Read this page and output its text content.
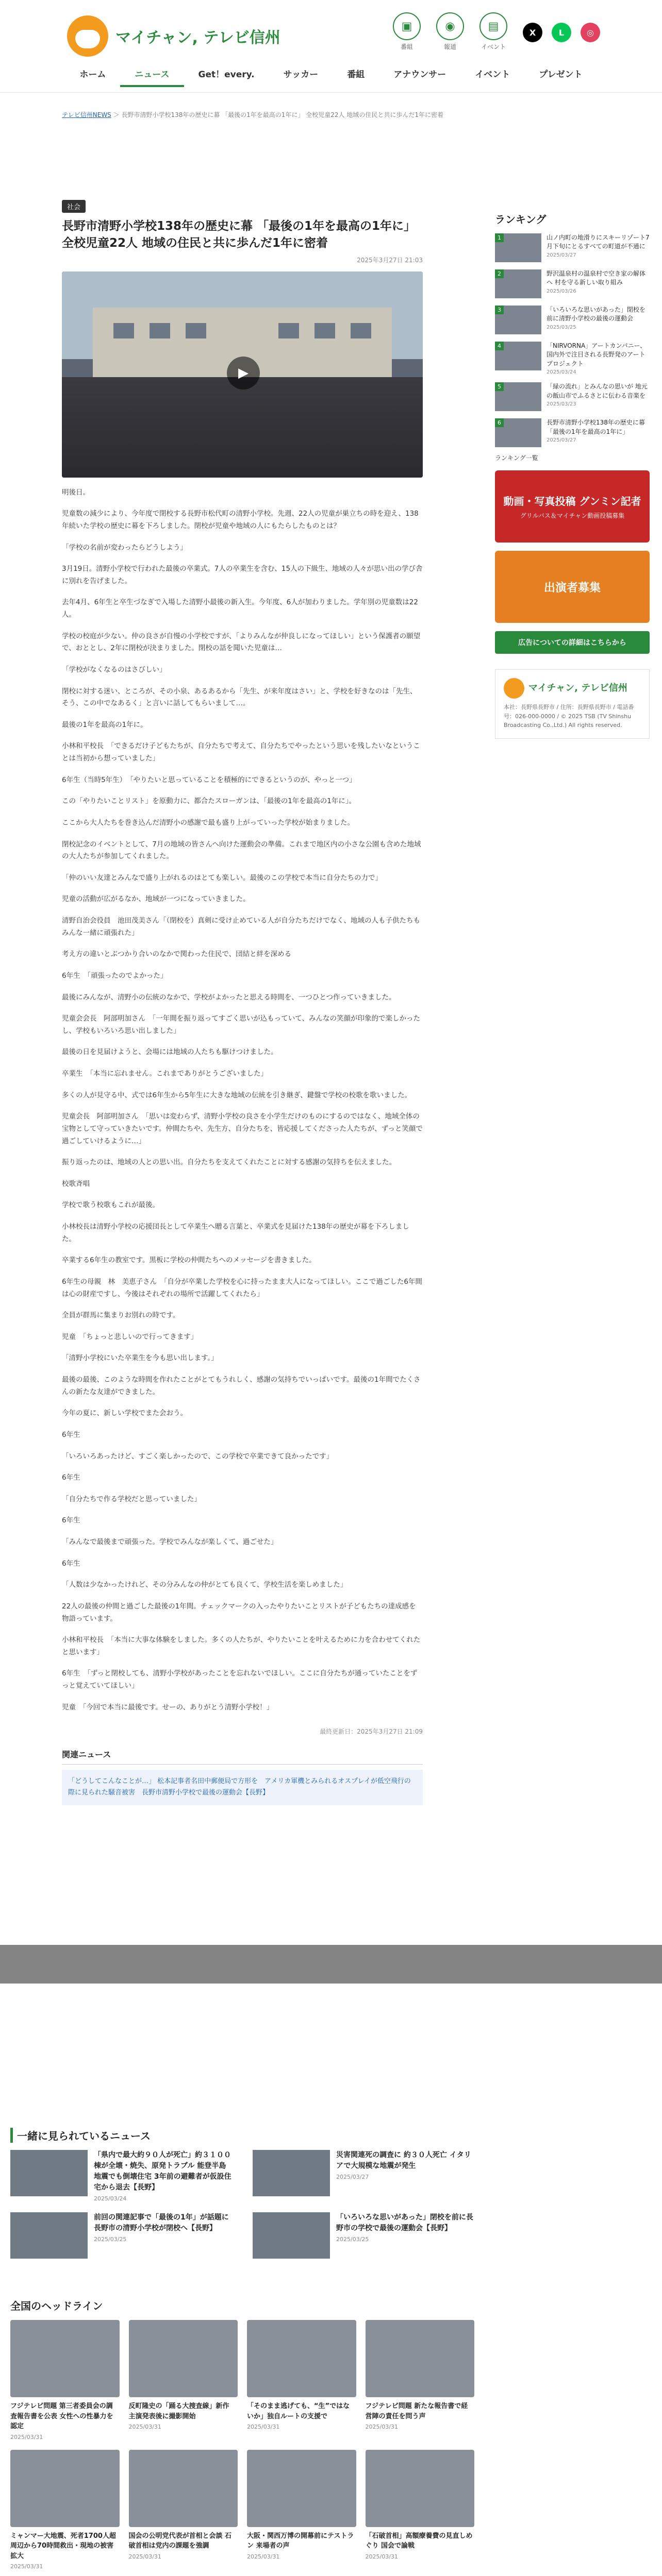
マイチャン, テレビ信州
▣
番組
◉
報道
▤
イベント
X	L	◎
ホーム	ニュース	Get！every.	サッカー	番組	アナウンサー	イベント	プレゼント
テレビ信州NEWS ＞ 長野市清野小学校138年の歴史に幕 「最後の1年を最高の1年に」 全校児童22人 地域の住民と共に歩んだ1年に密着
社会
長野市清野小学校138年の歴史に幕 「最後の1年を最高の1年に」 全校児童22人 地域の住民と共に歩んだ1年に密着
2025年3月27日 21:03
▶

明後日。

児童数の減少により、今年度で閉校する長野市松代町の清野小学校。先週、22人の児童が巣立ちの時を迎え、138年続いた学校の歴史に幕を下ろしました。閉校が児童や地域の人にもたらしたものとは？

「学校の名前が変わったらどうしよう」

3月19日。清野小学校で行われた最後の卒業式。7人の卒業生を含む、15人の下級生、地域の人々が思い出の学び舎に別れを告げました。

去年4月、6年生と卒生づなぎで入場した清野小最後の新入生。今年度、6人が加わりました。学年別の児童数は22人。

学校の校庭が少ない。仲の良さが自慢の小学校ですが、「よりみんなが仲良しになってほしい」という保護者の願望で、おととし、2年に閉校が決まりました。閉校の話を聞いた児童は…

「学校がなくなるのはさびしい」

閉校に対する迷い、ところが、その小泉、あるあるから「先生、が来年度はさい」と、学校を好きなのは「先生、そう、この中でなあるく」と言いに話してもらいまして…。

最後の1年を最高の1年に。

小林和平校長　「できるだけ子どもたちが、自分たちで考えて、自分たちでやったという思いを残したいなということは当初から想っていました」

6年生（当時5年生）　「やりたいと思っていることを積極的にできるというのが、やっと一つ」

この「やりたいことリスト」を原動力に、都合たスローガンは、「最後の1年を最高の1年に」。

ここから大人たちを巻き込んだ清野小の感謝で最も盛り上がっていった学校が始まりました。

閉校記念のイベントとして、7月の地域の皆さんへ向けた運動会の準備。これまで地区内の小さな公園も含めた地域の大人たちが参加してくれました。

「仲のいい友達とみんなで盛り上がれるのはとても楽しい。最後のこの学校で本当に自分たちの力で」

児童の活動が広がるなか、地域が一つになっていきました。

清野自治会役員　池田茂美さん「（閉校を）真剣に受け止めている人が自分たちだけでなく、地域の人も子供たちもみんな一緒に頑張れた」

考え方の違いとぶつかり合いのなかで関わった住民で、団結と絆を深める

6年生　「頑張ったのでよかった」

最後にみんなが、清野小の伝統のなかで、学校がよかったと思える時間を、一つひとつ作っていきました。

児童会会長　阿部明加さん　「一年間を振り返ってすごく思いが込もっていて、みんなの笑顔が印象的で楽しかったし、学校もいろいろ思い出しました」

最後の日を見届けようと、会場には地域の人たちも駆けつけました。

卒業生　「本当に忘れません。これまでありがとうございました」

多くの人が見守る中、式では6年生から5年生に大きな地域の伝統を引き継ぎ、鍵盤で学校の校歌を歌いました。

児童会長　阿部明加さん　「思いは変わらず、清野小学校の良さを小学生だけのものにするのではなく、地域全体の宝物として守っていきたいです。仲間たちや、先生方、自分たちを、皆応援してくださった人たちが、ずっと笑顔で過ごしていけるように…」

振り返ったのは、地域の人との思い出。自分たちを支えてくれたことに対する感謝の気持ちを伝えました。

校歌斉唱

学校で歌う校歌もこれが最後。

小林校長は清野小学校の応援団長として卒業生へ贈る言葉と、卒業式を見届けた138年の歴史が幕を下ろしました。

卒業する6年生の教室です。黒板に学校の仲間たちへのメッセージを書きました。

6年生の母親　林　美恵子さん　「自分が卒業した学校を心に持ったまま大人になってほしい。ここで過ごした6年間は心の財産ですし、今後はそれぞれの場所で活躍してくれたら」

全員が群馬に集まりお別れの時です。

児童　「ちょっと悲しいので行ってきます」

「清野小学校にいた卒業生を今も思い出します。」

最後の最後、このような時間を作れたことがとてもうれしく、感謝の気持ちでいっぱいです。最後の1年間でたくさんの新たな友達ができました。

今年の夏に、新しい学校でまた会おう。

6年生

「いろいろあったけど、すごく楽しかったので、この学校で卒業できて良かったです」

6年生

「自分たちで作る学校だと思っていました」

6年生

「みんなで最後まで頑張った。学校でみんなが楽しくて、過ごせた」

6年生

「人数は少なかったけれど、その分みんなの仲がとても良くて、学校生活を楽しめました」

22人の最後の仲間と過ごした最後の1年間。チェックマークの入ったやりたいことリストが子どもたちの達成感を物語っています。

小林和平校長　「本当に大事な体験をしました。多くの人たちが、やりたいことを叶えるために力を合わせてくれたと思います」

6年生　「ずっと閉校しても、清野小学校があったことを忘れないでほしい。ここに自分たちが通っていたことをずっと覚えていてほしい」

児童　「今回で本当に最後です。せーの、ありがとう清野小学校！」

最終更新日：2025年3月27日 21:09
関連ニュース
「どうしてこんなことが…」 松本記事者名田中郵便局で方形を　アメリカ軍機とみられるオスプレイが低空飛行の際に見られた騒音被害　長野市清野小学校で最後の運動会【長野】
ランキング
1	山ノ内町の地滑りにスキーリゾート7月下旬にとるすべての町道が不通に
2025/03/27
2	野沢温泉村の温泉村で空き家の解体へ 村を守る新しい取り組み
2025/03/26
3	「いろいろな思いがあった」閉校を前に清野小学校の最後の運動会
2025/03/25
4	「NIRVORNA」アートカンパニー、国内外で注目される長野発のアートプロジェクト
2025/03/24
5	「緑の流れ」とみんなの思いが 地元の飯山市でふるさとに伝わる音楽を
2025/03/23
6	長野市清野小学校138年の歴史に幕 「最後の1年を最高の1年に」
2025/03/27
ランキング一覧
動画・写真投稿 グンミン記者
グリルバス＆マイチャン動画投稿募集
出演者募集
広告についての詳細はこちらから
マイチャン, テレビ信州
本社：長野県長野市 / 住所：長野県長野市 / 電話番号：026-000-0000 / © 2025 TSB (TV Shinshu Broadcasting Co.,Ltd.) All rights reserved.
一緒に見られているニュース
「県内で最大約９０人が死亡」約３１００棟が全壊・焼失、原発トラブル 能登半島地震でも倒壊住宅 3年前の避難者が仮設住宅から退去【長野】
2025/03/24
災害関連死の調査に 約３０人死亡 イタリアで大規模な地震が発生
2025/03/27
前回の関連記事で「最後の1年」が話題に 長野市の清野小学校が閉校へ【長野】
2025/03/25
「いろいろな思いがあった」閉校を前に長野市の学校で最後の運動会【長野】
2025/03/25
全国のヘッドライン
フジテレビ問題 第三者委員会の調査報告書を公表 女性への性暴力を認定
2025/03/31
反町隆史の「踊る大捜査線」新作 主演発表後に撮影開始
2025/03/31
「そのまま逃げても、“生”ではないか」独自ルートの支援で
2025/03/31
フジテレビ問題 新たな報告書で経営陣の責任を問う声
2025/03/31
ミャンマー大地震、死者1700人超 周辺から70時間救出・現地の被害拡大
2025/03/31
国会の公明党代表が首相と会談 石破首相は党内の課題を強調
2025/03/31
大阪・関西万博の開幕前にテストラン 来場者の声
2025/03/31
「石破首相」高額療養費の見直しめぐり 国会で論戦
2025/03/31
